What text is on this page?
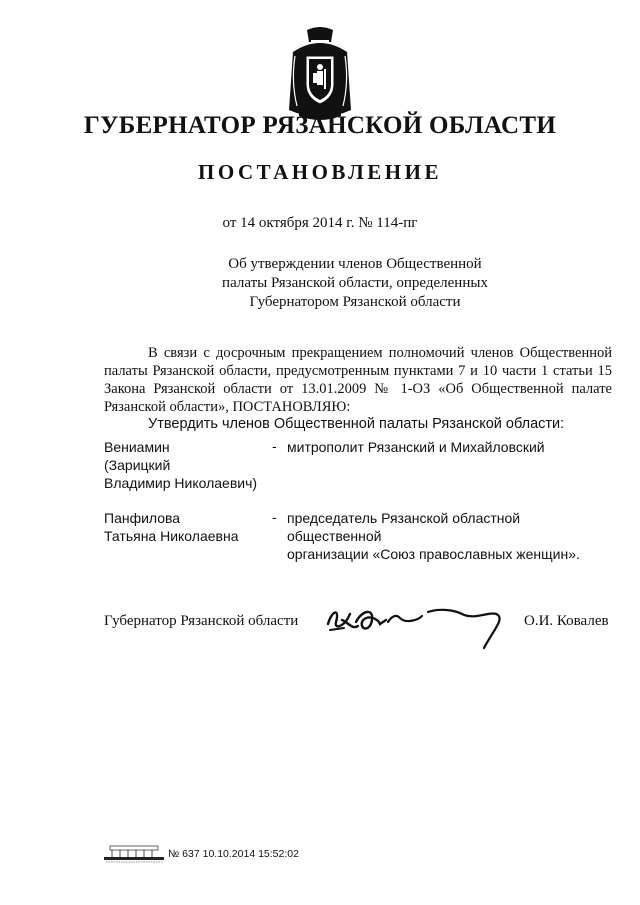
ГУБЕРНАТОР РЯЗАНСКОЙ ОБЛАСТИ
ПОСТАНОВЛЕНИЕ
от 14 октября 2014 г. № 114-пг
Об утверждении членов Общественной
палаты Рязанской области, определенных
Губернатором Рязанской области

В связи с досрочным прекращением полномочий членов Общественной палаты Рязанской области, предусмотренным пунктами 7 и 10 части 1 статьи 15 Закона Рязанской области от 13.01.2009 № 1-ОЗ «Об Общественной палате Рязанской области», ПОСТАНОВЛЯЮ:

Утвердить членов Общественной палаты Рязанской области:
Вениамин
(Зарицкий
Владимир Николаевич)
- митрополит Рязанский и Михайловский
Панфилова
Татьяна Николаевна
- председатель Рязанской областной общественной
организации «Союз православных женщин».
Губернатор Рязанской области	О.И. Ковалев
№ 637 10.10.2014 15:52:02
